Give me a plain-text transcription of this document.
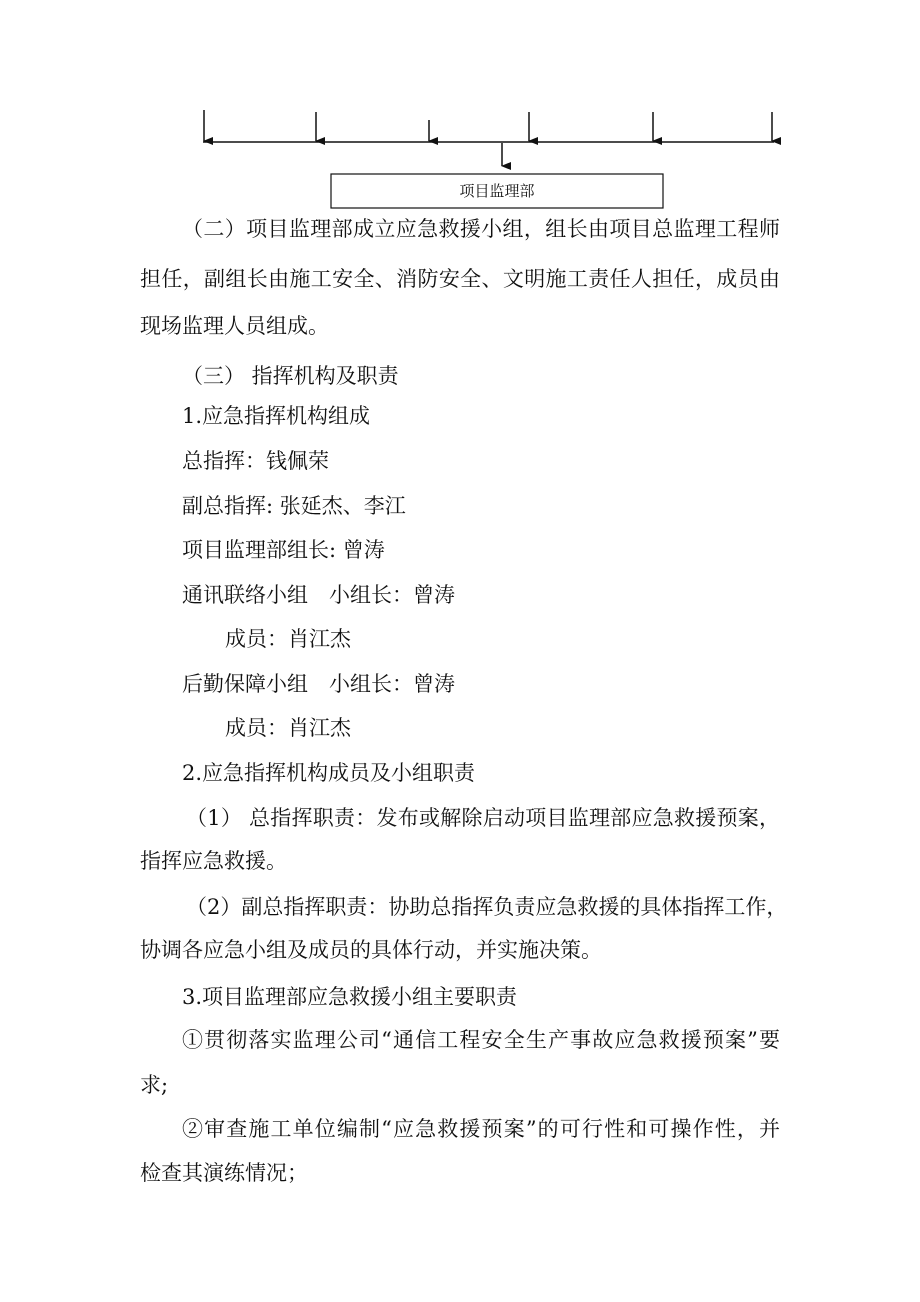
项目监理部
（二）项目监理部成立应急救援小组，组长由项目总监理工程师
担任，副组长由施工安全、消防安全、文明施工责任人担任，成员由
现场监理人员组成。
（三） 指挥机构及职责
1.应急指挥机构组成
总指挥：钱佩荣
副总指挥: 张延杰、李江
项目监理部组长: 曾涛
通讯联络小组　小组长：曾涛
成员：肖江杰
后勤保障小组　小组长：曾涛
成员：肖江杰
2.应急指挥机构成员及小组职责
（1） 总指挥职责：发布或解除启动项目监理部应急救援预案，
指挥应急救援。
（2）副总指挥职责：协助总指挥负责应急救援的具体指挥工作，
协调各应急小组及成员的具体行动，并实施决策。
3.项目监理部应急救援小组主要职责
①贯彻落实监理公司“通信工程安全生产事故应急救援预案”要
求;
②审查施工单位编制“应急救援预案”的可行性和可操作性，并
检查其演练情况；
